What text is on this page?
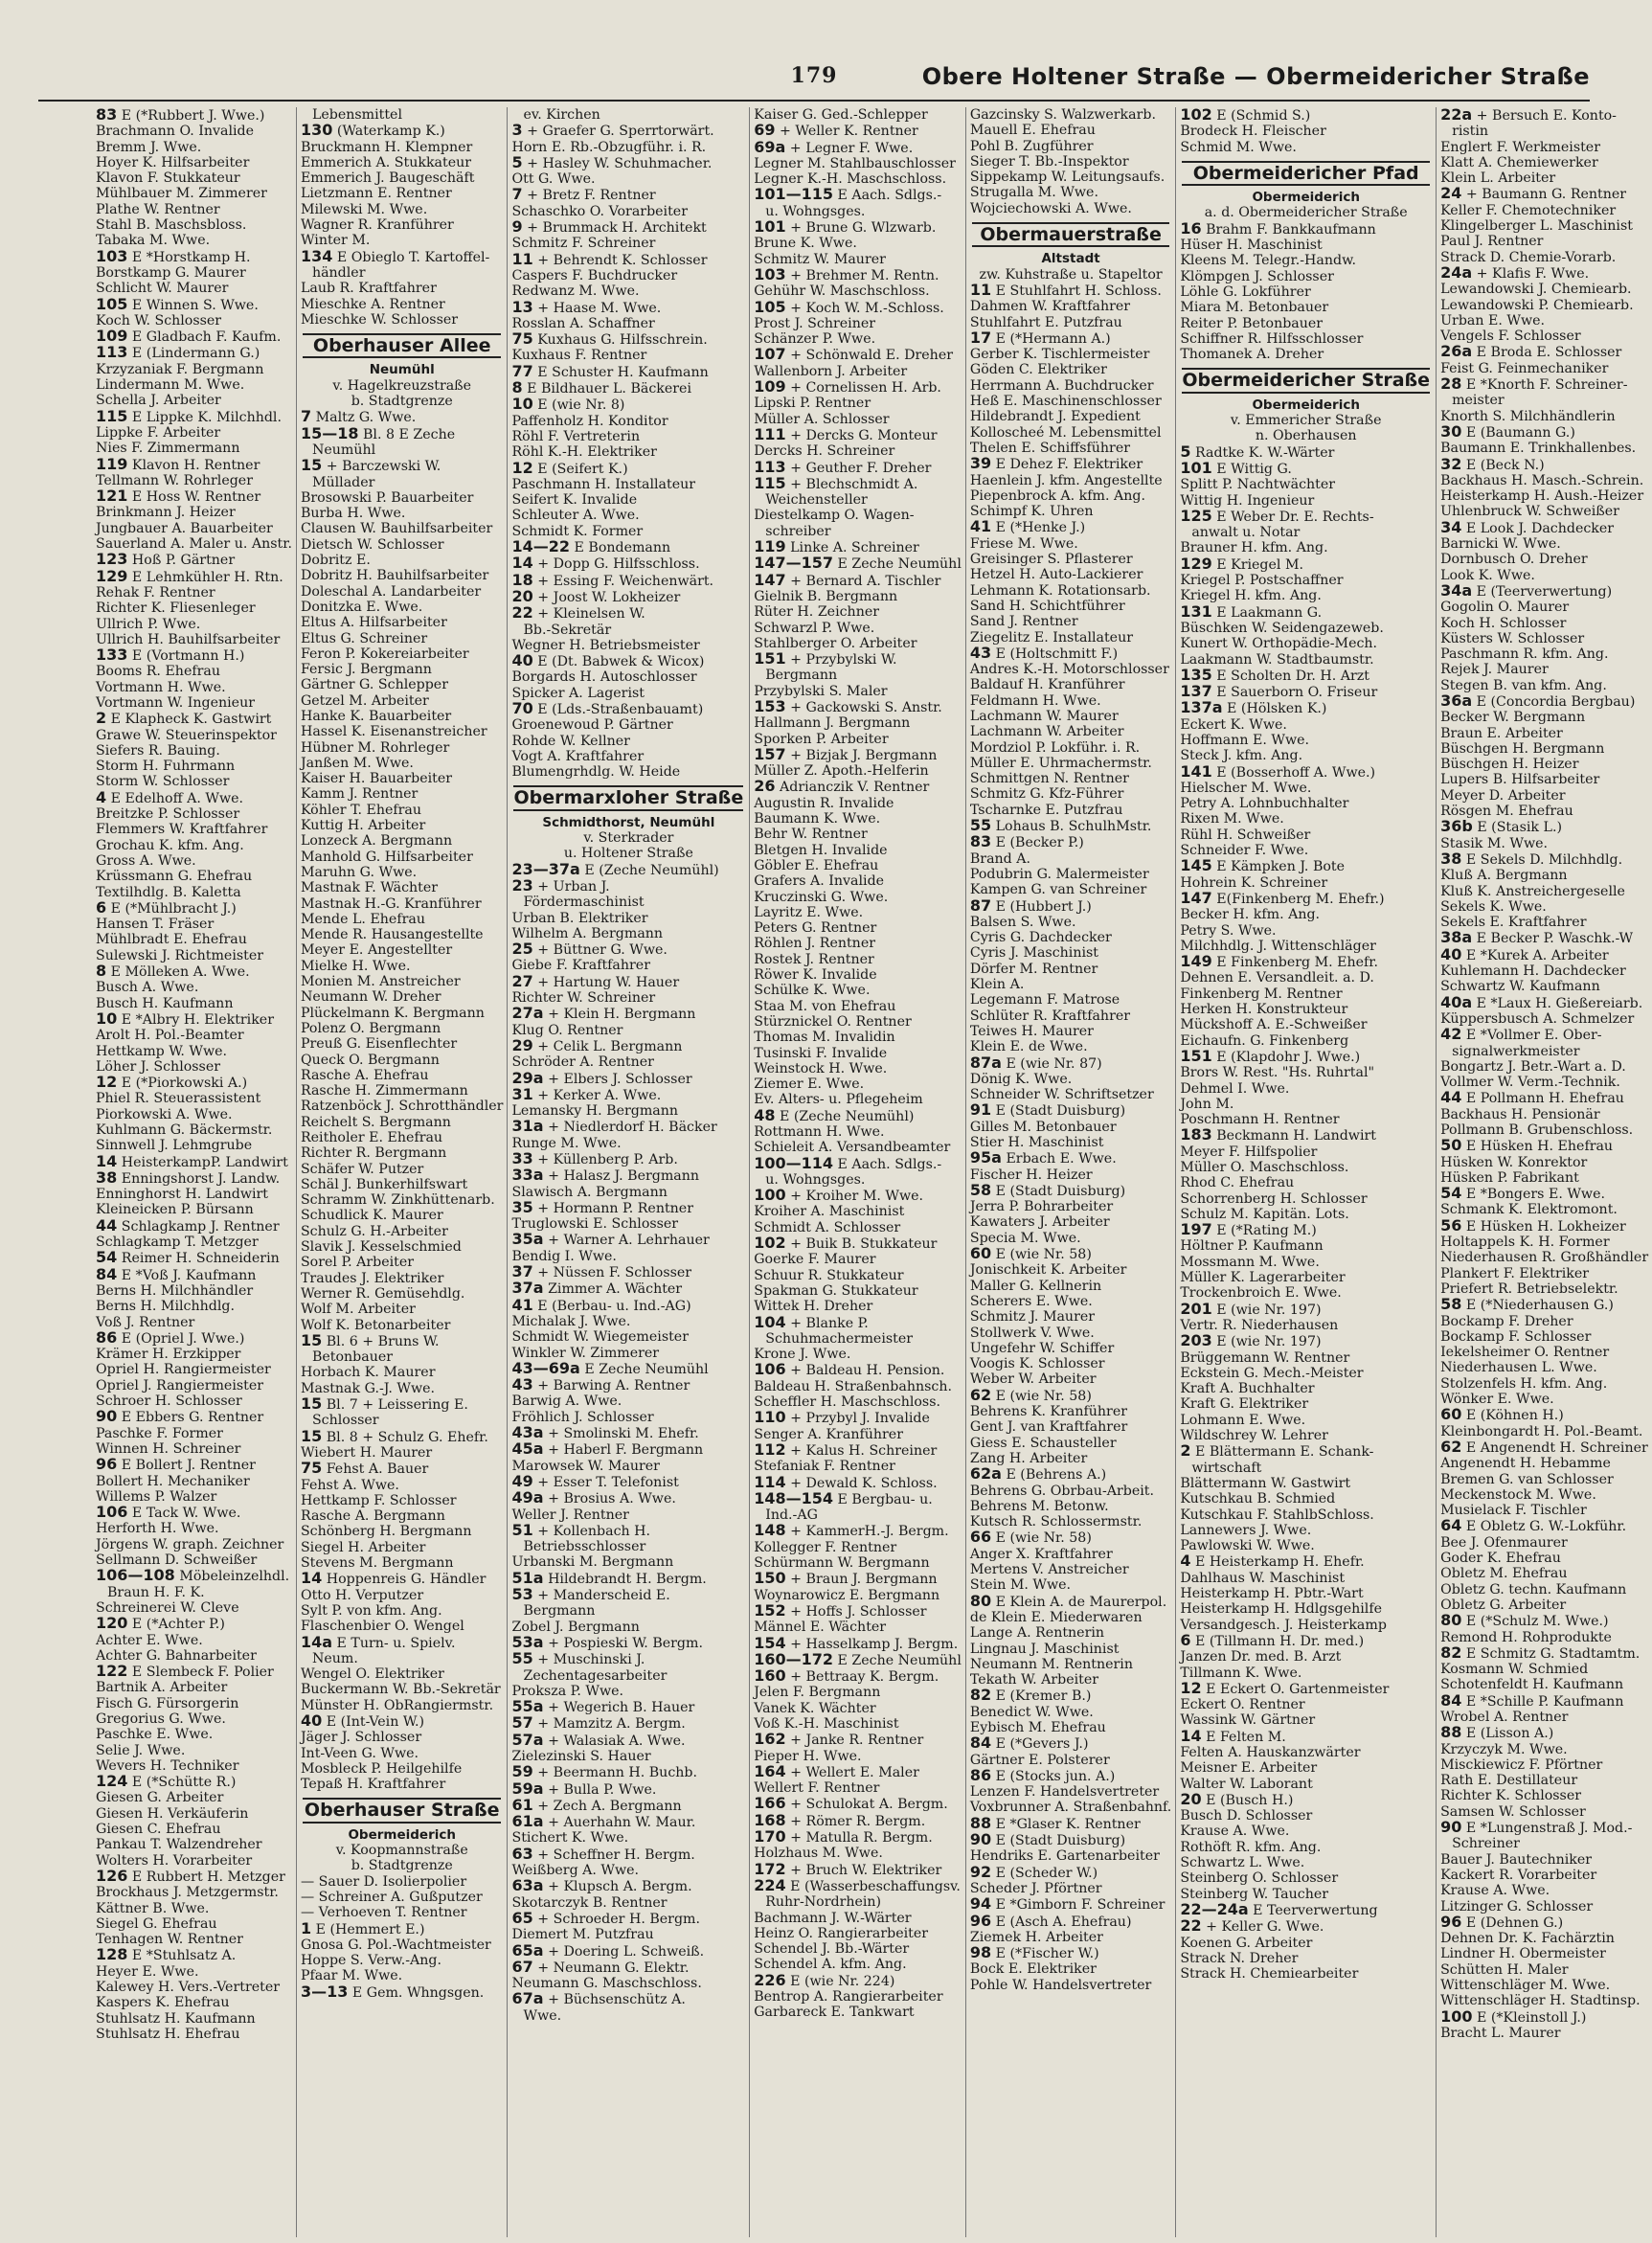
179	Obere Holtener Straße — Obermeidericher Straße
83 E (*Rubbert J. Wwe.)
Brachmann O. Invalide
Bremm J. Wwe.
Hoyer K. Hilfsarbeiter
Klavon F. Stukkateur
Mühlbauer M. Zimmerer
Plathe W. Rentner
Stahl B. Maschsbloss.
Tabaka M. Wwe.
103 E *Horstkamp H.
Borstkamp G. Maurer
Schlicht W. Maurer
105 E Winnen S. Wwe.
Koch W. Schlosser
109 E Gladbach F. Kaufm.
113 E (Lindermann G.)
Krzyzaniak F. Bergmann
Lindermann M. Wwe.
Schella J. Arbeiter
115 E Lippke K. Milchhdl.
Lippke F. Arbeiter
Nies F. Zimmermann
119 Klavon H. Rentner
Tellmann W. Rohrleger
121 E Hoss W. Rentner
Brinkmann J. Heizer
Jungbauer A. Bauarbeiter
Sauerland A. Maler u. Anstr.
123 Hoß P. Gärtner
129 E Lehmkühler H. Rtn.
Rehak F. Rentner
Richter K. Fliesenleger
Ullrich P. Wwe.
Ullrich H. Bauhilfsarbeiter
133 E (Vortmann H.)
Booms R. Ehefrau
Vortmann H. Wwe.
Vortmann W. Ingenieur
2 E Klapheck K. Gastwirt
Grawe W. Steuerinspektor
Siefers R. Bauing.
Storm H. Fuhrmann
Storm W. Schlosser
4 E Edelhoff A. Wwe.
Breitzke P. Schlosser
Flemmers W. Kraftfahrer
Grochau K. kfm. Ang.
Gross A. Wwe.
Krüssmann G. Ehefrau
Textilhdlg. B. Kaletta
6 E (*Mühlbracht J.)
Hansen T. Fräser
Mühlbradt E. Ehefrau
Sulewski J. Richtmeister
8 E Mölleken A. Wwe.
Busch A. Wwe.
Busch H. Kaufmann
10 E *Albry H. Elektriker
Arolt H. Pol.-Beamter
Hettkamp W. Wwe.
Löher J. Schlosser
12 E (*Piorkowski A.)
Phiel R. Steuerassistent
Piorkowski A. Wwe.
Kuhlmann G. Bäckermstr.
Sinnwell J. Lehmgrube
14 HeisterkampP. Landwirt
38 Enningshorst J. Landw.
Enninghorst H. Landwirt
Kleineicken P. Bürsann
44 Schlagkamp J. Rentner
Schlagkamp T. Metzger
54 Reimer H. Schneiderin
84 E *Voß J. Kaufmann
Berns H. Milchhändler
Berns H. Milchhdlg.
Voß J. Rentner
86 E (Opriel J. Wwe.)
Krämer H. Erzkipper
Opriel H. Rangiermeister
Opriel J. Rangiermeister
Schroer H. Schlosser
90 E Ebbers G. Rentner
Paschke F. Former
Winnen H. Schreiner
96 E Bollert J. Rentner
Bollert H. Mechaniker
Willems P. Walzer
106 E Tack W. Wwe.
Herforth H. Wwe.
Jörgens W. graph. Zeichner
Sellmann D. Schweißer
106—108 Möbeleinzelhdl.
Braun H. F. K.
Schreinerei W. Cleve
120 E (*Achter P.)
Achter E. Wwe.
Achter G. Bahnarbeiter
122 E Slembeck F. Polier
Bartnik A. Arbeiter
Fisch G. Fürsorgerin
Gregorius G. Wwe.
Paschke E. Wwe.
Selie J. Wwe.
Wevers H. Techniker
124 E (*Schütte R.)
Giesen G. Arbeiter
Giesen H. Verkäuferin
Giesen C. Ehefrau
Pankau T. Walzendreher
Wolters H. Vorarbeiter
126 E Rubbert H. Metzger
Brockhaus J. Metzgermstr.
Kättner B. Wwe.
Siegel G. Ehefrau
Tenhagen W. Rentner
128 E *Stuhlsatz A.
Heyer E. Wwe.
Kalewey H. Vers.-Vertreter
Kaspers K. Ehefrau
Stuhlsatz H. Kaufmann
Stuhlsatz H. Ehefrau
Lebensmittel
130 (Waterkamp K.)
Bruckmann H. Klempner
Emmerich A. Stukkateur
Emmerich J. Baugeschäft
Lietzmann E. Rentner
Milewski M. Wwe.
Wagner R. Kranführer
Winter M.
134 E Obieglo T. Kartoffel-
händler
Laub R. Kraftfahrer
Mieschke A. Rentner
Mieschke W. Schlosser
Oberhauser Allee
Neumühl
v. Hagelkreuzstraße
b. Stadtgrenze
7 Maltz G. Wwe.
15—18 Bl. 8 E Zeche
Neumühl
15 + Barczewski W.
Müllader
Brosowski P. Bauarbeiter
Burba H. Wwe.
Clausen W. Bauhilfsarbeiter
Dietsch W. Schlosser
Dobritz E.
Dobritz H. Bauhilfsarbeiter
Doleschal A. Landarbeiter
Donitzka E. Wwe.
Eltus A. Hilfsarbeiter
Eltus G. Schreiner
Feron P. Kokereiarbeiter
Fersic J. Bergmann
Gärtner G. Schlepper
Getzel M. Arbeiter
Hanke K. Bauarbeiter
Hassel K. Eisenanstreicher
Hübner M. Rohrleger
Janßen M. Wwe.
Kaiser H. Bauarbeiter
Kamm J. Rentner
Köhler T. Ehefrau
Kuttig H. Arbeiter
Lonzeck A. Bergmann
Manhold G. Hilfsarbeiter
Maruhn G. Wwe.
Mastnak F. Wächter
Mastnak H.-G. Kranführer
Mende L. Ehefrau
Mende R. Hausangestellte
Meyer E. Angestellter
Mielke H. Wwe.
Monien M. Anstreicher
Neumann W. Dreher
Plückelmann K. Bergmann
Polenz O. Bergmann
Preuß G. Eisenflechter
Queck O. Bergmann
Rasche A. Ehefrau
Rasche H. Zimmermann
Ratzenböck J. Schrotthändler
Reichelt S. Bergmann
Reitholer E. Ehefrau
Richter R. Bergmann
Schäfer W. Putzer
Schäl J. Bunkerhilfswart
Schramm W. Zinkhüttenarb.
Schudlick K. Maurer
Schulz G. H.-Arbeiter
Slavik J. Kesselschmied
Sorel P. Arbeiter
Traudes J. Elektriker
Werner R. Gemüsehdlg.
Wolf M. Arbeiter
Wolf K. Betonarbeiter
15 Bl. 6 + Bruns W.
Betonbauer
Horbach K. Maurer
Mastnak G.-J. Wwe.
15 Bl. 7 + Leissering E.
Schlosser
15 Bl. 8 + Schulz G. Ehefr.
Wiebert H. Maurer
75 Fehst A. Bauer
Fehst A. Wwe.
Hettkamp F. Schlosser
Rasche A. Bergmann
Schönberg H. Bergmann
Siegel H. Arbeiter
Stevens M. Bergmann
14 Hoppenreis G. Händler
Otto H. Verputzer
Sylt P. von kfm. Ang.
Flaschenbier O. Wengel
14a E Turn- u. Spielv.
Neum.
Wengel O. Elektriker
Buckermann W. Bb.-Sekretär
Münster H. ObRangiermstr.
40 E (Int-Vein W.)
Jäger J. Schlosser
Int-Veen G. Wwe.
Mosbleck P. Heilgehilfe
Tepaß H. Kraftfahrer
Oberhauser Straße
Obermeiderich
v. Koopmannstraße
b. Stadtgrenze
— Sauer D. Isolierpolier
— Schreiner A. Gußputzer
— Verhoeven T. Rentner
1 E (Hemmert E.)
Gnosa G. Pol.-Wachtmeister
Hoppe S. Verw.-Ang.
Pfaar M. Wwe.
3—13 E Gem. Whngsgen.
ev. Kirchen
3 + Graefer G. Sperrtorwärt.
Horn E. Rb.-Obzugführ. i. R.
5 + Hasley W. Schuhmacher.
Ott G. Wwe.
7 + Bretz F. Rentner
Schaschko O. Vorarbeiter
9 + Brummack H. Architekt
Schmitz F. Schreiner
11 + Behrendt K. Schlosser
Caspers F. Buchdrucker
Redwanz M. Wwe.
13 + Haase M. Wwe.
Rosslan A. Schaffner
75 Kuxhaus G. Hilfsschrein.
Kuxhaus F. Rentner
77 E Schuster H. Kaufmann
8 E Bildhauer L. Bäckerei
10 E (wie Nr. 8)
Paffenholz H. Konditor
Röhl F. Vertreterin
Röhl K.-H. Elektriker
12 E (Seifert K.)
Paschmann H. Installateur
Seifert K. Invalide
Schleuter A. Wwe.
Schmidt K. Former
14—22 E Bondemann
14 + Dopp G. Hilfsschloss.
18 + Essing F. Weichenwärt.
20 + Joost W. Lokheizer
22 + Kleinelsen W.
Bb.-Sekretär
Wegner H. Betriebsmeister
40 E (Dt. Babwek & Wicox)
Borgards H. Autoschlosser
Spicker A. Lagerist
70 E (Lds.-Straßenbauamt)
Groenewoud P. Gärtner
Rohde W. Kellner
Vogt A. Kraftfahrer
Blumengrhdlg. W. Heide
Obermarxloher Straße
Schmidthorst, Neumühl
v. Sterkrader
u. Holtener Straße
23—37a E (Zeche Neumühl)
23 + Urban J.
Fördermaschinist
Urban B. Elektriker
Wilhelm A. Bergmann
25 + Büttner G. Wwe.
Giebe F. Kraftfahrer
27 + Hartung W. Hauer
Richter W. Schreiner
27a + Klein H. Bergmann
Klug O. Rentner
29 + Celik L. Bergmann
Schröder A. Rentner
29a + Elbers J. Schlosser
31 + Kerker A. Wwe.
Lemansky H. Bergmann
31a + Niedlerdorf H. Bäcker
Runge M. Wwe.
33 + Küllenberg P. Arb.
33a + Halasz J. Bergmann
Slawisch A. Bergmann
35 + Hormann P. Rentner
Truglowski E. Schlosser
35a + Warner A. Lehrhauer
Bendig I. Wwe.
37 + Nüssen F. Schlosser
37a Zimmer A. Wächter
41 E (Berbau- u. Ind.-AG)
Michalak J. Wwe.
Schmidt W. Wiegemeister
Winkler W. Zimmerer
43—69a E Zeche Neumühl
43 + Barwing A. Rentner
Barwig A. Wwe.
Fröhlich J. Schlosser
43a + Smolinski M. Ehefr.
45a + Haberl F. Bergmann
Marowsek W. Maurer
49 + Esser T. Telefonist
49a + Brosius A. Wwe.
Weller J. Rentner
51 + Kollenbach H.
Betriebsschlosser
Urbanski M. Bergmann
51a Hildebrandt H. Bergm.
53 + Manderscheid E.
Bergmann
Zobel J. Bergmann
53a + Pospieski W. Bergm.
55 + Muschinski J.
Zechentagesarbeiter
Proksza P. Wwe.
55a + Wegerich B. Hauer
57 + Mamzitz A. Bergm.
57a + Walasiak A. Wwe.
Zielezinski S. Hauer
59 + Beermann H. Buchb.
59a + Bulla P. Wwe.
61 + Zech A. Bergmann
61a + Auerhahn W. Maur.
Stichert K. Wwe.
63 + Scheffner H. Bergm.
Weißberg A. Wwe.
63a + Klupsch A. Bergm.
Skotarczyk B. Rentner
65 + Schroeder H. Bergm.
Diemert M. Putzfrau
65a + Doering L. Schweiß.
67 + Neumann G. Elektr.
Neumann G. Maschschloss.
67a + Büchsenschütz A.
Wwe.
Kaiser G. Ged.-Schlepper
69 + Weller K. Rentner
69a + Legner F. Wwe.
Legner M. Stahlbauschlosser
Legner K.-H. Maschschloss.
101—115 E Aach. Sdlgs.-
u. Wohngsges.
101 + Brune G. Wlzwarb.
Brune K. Wwe.
Schmitz W. Maurer
103 + Brehmer M. Rentn.
Gehühr W. Maschschloss.
105 + Koch W. M.-Schloss.
Prost J. Schreiner
Schänzer P. Wwe.
107 + Schönwald E. Dreher
Wallenborn J. Arbeiter
109 + Cornelissen H. Arb.
Lipski P. Rentner
Müller A. Schlosser
111 + Dercks G. Monteur
Dercks H. Schreiner
113 + Geuther F. Dreher
115 + Blechschmidt A.
Weichensteller
Diestelkamp O. Wagen-
schreiber
119 Linke A. Schreiner
147—157 E Zeche Neumühl
147 + Bernard A. Tischler
Gielnik B. Bergmann
Rüter H. Zeichner
Schwarzl P. Wwe.
Stahlberger O. Arbeiter
151 + Przybylski W.
Bergmann
Przybylski S. Maler
153 + Gackowski S. Anstr.
Hallmann J. Bergmann
Sporken P. Arbeiter
157 + Bizjak J. Bergmann
Müller Z. Apoth.-Helferin
26 Adrianczik V. Rentner
Augustin R. Invalide
Baumann K. Wwe.
Behr W. Rentner
Bletgen H. Invalide
Göbler E. Ehefrau
Grafers A. Invalide
Kruczinski G. Wwe.
Layritz E. Wwe.
Peters G. Rentner
Röhlen J. Rentner
Rostek J. Rentner
Röwer K. Invalide
Schülke K. Wwe.
Staa M. von Ehefrau
Stürznickel O. Rentner
Thomas M. Invalidin
Tusinski F. Invalide
Weinstock H. Wwe.
Ziemer E. Wwe.
Ev. Alters- u. Pflegeheim
48 E (Zeche Neumühl)
Rottmann H. Wwe.
Schieleit A. Versandbeamter
100—114 E Aach. Sdlgs.-
u. Wohngsges.
100 + Kroiher M. Wwe.
Kroiher A. Maschinist
Schmidt A. Schlosser
102 + Buik B. Stukkateur
Goerke F. Maurer
Schuur R. Stukkateur
Spakman G. Stukkateur
Wittek H. Dreher
104 + Blanke P.
Schuhmachermeister
Krone J. Wwe.
106 + Baldeau H. Pension.
Baldeau H. Straßenbahnsch.
Scheffler H. Maschschloss.
110 + Przybyl J. Invalide
Senger A. Kranführer
112 + Kalus H. Schreiner
Stefaniak F. Rentner
114 + Dewald K. Schloss.
148—154 E Bergbau- u.
Ind.-AG
148 + KammerH.-J. Bergm.
Kollegger F. Rentner
Schürmann W. Bergmann
150 + Braun J. Bergmann
Woynarowicz E. Bergmann
152 + Hoffs J. Schlosser
Männel E. Wächter
154 + Hasselkamp J. Bergm.
160—172 E Zeche Neumühl
160 + Bettraay K. Bergm.
Jelen F. Bergmann
Vanek K. Wächter
Voß K.-H. Maschinist
162 + Janke R. Rentner
Pieper H. Wwe.
164 + Wellert E. Maler
Wellert F. Rentner
166 + Schulokat A. Bergm.
168 + Römer R. Bergm.
170 + Matulla R. Bergm.
Holzhaus M. Wwe.
172 + Bruch W. Elektriker
224 E (Wasserbeschaffungsv.
Ruhr-Nordrhein)
Bachmann J. W.-Wärter
Heinz O. Rangierarbeiter
Schendel J. Bb.-Wärter
Schendel A. kfm. Ang.
226 E (wie Nr. 224)
Bentrop A. Rangierarbeiter
Garbareck E. Tankwart
Gazcinsky S. Walzwerkarb.
Mauell E. Ehefrau
Pohl B. Zugführer
Sieger T. Bb.-Inspektor
Sippekamp W. Leitungsaufs.
Strugalla M. Wwe.
Wojciechowski A. Wwe.
Obermauerstraße
Altstadt
zw. Kuhstraße u. Stapeltor
11 E Stuhlfahrt H. Schloss.
Dahmen W. Kraftfahrer
Stuhlfahrt E. Putzfrau
17 E (*Hermann A.)
Gerber K. Tischlermeister
Göden C. Elektriker
Herrmann A. Buchdrucker
Heß E. Maschinenschlosser
Hildebrandt J. Expedient
Kolloscheé M. Lebensmittel
Thelen E. Schiffsführer
39 E Dehez F. Elektriker
Haenlein J. kfm. Angestellte
Piepenbrock A. kfm. Ang.
Schimpf K. Uhren
41 E (*Henke J.)
Friese M. Wwe.
Greisinger S. Pflasterer
Hetzel H. Auto-Lackierer
Lehmann K. Rotationsarb.
Sand H. Schichtführer
Sand J. Rentner
Ziegelitz E. Installateur
43 E (Holtschmitt F.)
Andres K.-H. Motorschlosser
Baldauf H. Kranführer
Feldmann H. Wwe.
Lachmann W. Maurer
Lachmann W. Arbeiter
Mordziol P. Lokführ. i. R.
Müller E. Uhrmachermstr.
Schmittgen N. Rentner
Schmitz G. Kfz-Führer
Tscharnke E. Putzfrau
55 Lohaus B. SchulhMstr.
83 E (Becker P.)
Brand A.
Podubrin G. Malermeister
Kampen G. van Schreiner
87 E (Hubbert J.)
Balsen S. Wwe.
Cyris G. Dachdecker
Cyris J. Maschinist
Dörfer M. Rentner
Klein A.
Legemann F. Matrose
Schlüter R. Kraftfahrer
Teiwes H. Maurer
Klein E. de Wwe.
87a E (wie Nr. 87)
Dönig K. Wwe.
Schneider W. Schriftsetzer
91 E (Stadt Duisburg)
Gilles M. Betonbauer
Stier H. Maschinist
95a Erbach E. Wwe.
Fischer H. Heizer
58 E (Stadt Duisburg)
Jerra P. Bohrarbeiter
Kawaters J. Arbeiter
Specia M. Wwe.
60 E (wie Nr. 58)
Jonischkeit K. Arbeiter
Maller G. Kellnerin
Scherers E. Wwe.
Schmitz J. Maurer
Stollwerk V. Wwe.
Ungefehr W. Schiffer
Voogis K. Schlosser
Weber W. Arbeiter
62 E (wie Nr. 58)
Behrens K. Kranführer
Gent J. van Kraftfahrer
Giess E. Schausteller
Zang H. Arbeiter
62a E (Behrens A.)
Behrens G. Obrbau-Arbeit.
Behrens M. Betonw.
Kutsch R. Schlossermstr.
66 E (wie Nr. 58)
Anger X. Kraftfahrer
Mertens V. Anstreicher
Stein M. Wwe.
80 E Klein A. de Maurerpol.
de Klein E. Miederwaren
Lange A. Rentnerin
Lingnau J. Maschinist
Neumann M. Rentnerin
Tekath W. Arbeiter
82 E (Kremer B.)
Benedict W. Wwe.
Eybisch M. Ehefrau
84 E (*Gevers J.)
Gärtner E. Polsterer
86 E (Stocks jun. A.)
Lenzen F. Handelsvertreter
Voxbrunner A. Straßenbahnf.
88 E *Glaser K. Rentner
90 E (Stadt Duisburg)
Hendriks E. Gartenarbeiter
92 E (Scheder W.)
Scheder J. Pförtner
94 E *Gimborn F. Schreiner
96 E (Asch A. Ehefrau)
Ziemek H. Arbeiter
98 E (*Fischer W.)
Bock E. Elektriker
Pohle W. Handelsvertreter
102 E (Schmid S.)
Brodeck H. Fleischer
Schmid M. Wwe.
Obermeidericher Pfad
Obermeiderich
a. d. Obermeidericher Straße
16 Brahm F. Bankkaufmann
Hüser H. Maschinist
Kleens M. Telegr.-Handw.
Klömpgen J. Schlosser
Löhle G. Lokführer
Miara M. Betonbauer
Reiter P. Betonbauer
Schiffner R. Hilfsschlosser
Thomanek A. Dreher
Obermeidericher Straße
Obermeiderich
v. Emmericher Straße
n. Oberhausen
5 Radtke K. W.-Wärter
101 E Wittig G.
Splitt P. Nachtwächter
Wittig H. Ingenieur
125 E Weber Dr. E. Rechts-
anwalt u. Notar
Brauner H. kfm. Ang.
129 E Kriegel M.
Kriegel P. Postschaffner
Kriegel H. kfm. Ang.
131 E Laakmann G.
Büschken W. Seidengazeweb.
Kunert W. Orthopädie-Mech.
Laakmann W. Stadtbaumstr.
135 E Scholten Dr. H. Arzt
137 E Sauerborn O. Friseur
137a E (Hölsken K.)
Eckert K. Wwe.
Hoffmann E. Wwe.
Steck J. kfm. Ang.
141 E (Bosserhoff A. Wwe.)
Hielscher M. Wwe.
Petry A. Lohnbuchhalter
Rixen M. Wwe.
Rühl H. Schweißer
Schneider F. Wwe.
145 E Kämpken J. Bote
Hohrein K. Schreiner
147 E(Finkenberg M. Ehefr.)
Becker H. kfm. Ang.
Petry S. Wwe.
Milchhdlg. J. Wittenschläger
149 E Finkenberg M. Ehefr.
Dehnen E. Versandleit. a. D.
Finkenberg M. Rentner
Herken H. Konstrukteur
Mückshoff A. E.-Schweißer
Eichaufn. G. Finkenberg
151 E (Klapdohr J. Wwe.)
Brors W. Rest. "Hs. Ruhrtal"
Dehmel I. Wwe.
John M.
Poschmann H. Rentner
183 Beckmann H. Landwirt
Meyer F. Hilfspolier
Müller O. Maschschloss.
Rhod C. Ehefrau
Schorrenberg H. Schlosser
Schulz M. Kapitän. Lots.
197 E (*Rating M.)
Höltner P. Kaufmann
Mossmann M. Wwe.
Müller K. Lagerarbeiter
Trockenbroich E. Wwe.
201 E (wie Nr. 197)
Vertr. R. Niederhausen
203 E (wie Nr. 197)
Brüggemann W. Rentner
Eckstein G. Mech.-Meister
Kraft A. Buchhalter
Kraft G. Elektriker
Lohmann E. Wwe.
Wildschrey W. Lehrer
2 E Blättermann E. Schank-
wirtschaft
Blättermann W. Gastwirt
Kutschkau B. Schmied
Kutschkau F. StahlbSchloss.
Lannewers J. Wwe.
Pawlowski W. Wwe.
4 E Heisterkamp H. Ehefr.
Dahlhaus W. Maschinist
Heisterkamp H. Pbtr.-Wart
Heisterkamp H. Hdlgsgehilfe
Versandgesch. J. Heisterkamp
6 E (Tillmann H. Dr. med.)
Janzen Dr. med. B. Arzt
Tillmann K. Wwe.
12 E Eckert O. Gartenmeister
Eckert O. Rentner
Wassink W. Gärtner
14 E Felten M.
Felten A. Hauskanzwärter
Meisner E. Arbeiter
Walter W. Laborant
20 E (Busch H.)
Busch D. Schlosser
Krause A. Wwe.
Rothöft R. kfm. Ang.
Schwartz L. Wwe.
Steinberg O. Schlosser
Steinberg W. Taucher
22—24a E Teerverwertung
22 + Keller G. Wwe.
Koenen G. Arbeiter
Strack N. Dreher
Strack H. Chemiearbeiter
22a + Bersuch E. Konto-
ristin
Englert F. Werkmeister
Klatt A. Chemiewerker
Klein L. Arbeiter
24 + Baumann G. Rentner
Keller F. Chemotechniker
Klingelberger L. Maschinist
Paul J. Rentner
Strack D. Chemie-Vorarb.
24a + Klafis F. Wwe.
Lewandowski J. Chemiearb.
Lewandowski P. Chemiearb.
Urban E. Wwe.
Vengels F. Schlosser
26a E Broda E. Schlosser
Feist G. Feinmechaniker
28 E *Knorth F. Schreiner-
meister
Knorth S. Milchhändlerin
30 E (Baumann G.)
Baumann E. Trinkhallenbes.
32 E (Beck N.)
Backhaus H. Masch.-Schrein.
Heisterkamp H. Aush.-Heizer
Uhlenbruck W. Schweißer
34 E Look J. Dachdecker
Barnicki W. Wwe.
Dornbusch O. Dreher
Look K. Wwe.
34a E (Teerverwertung)
Gogolin O. Maurer
Koch H. Schlosser
Küsters W. Schlosser
Paschmann R. kfm. Ang.
Rejek J. Maurer
Stegen B. van kfm. Ang.
36a E (Concordia Bergbau)
Becker W. Bergmann
Braun E. Arbeiter
Büschgen H. Bergmann
Büschgen H. Heizer
Lupers B. Hilfsarbeiter
Meyer D. Arbeiter
Rösgen M. Ehefrau
36b E (Stasik L.)
Stasik M. Wwe.
38 E Sekels D. Milchhdlg.
Kluß A. Bergmann
Kluß K. Anstreichergeselle
Sekels K. Wwe.
Sekels E. Kraftfahrer
38a E Becker P. Waschk.-W
40 E *Kurek A. Arbeiter
Kuhlemann H. Dachdecker
Schwartz W. Kaufmann
40a E *Laux H. Gießereiarb.
Küppersbusch A. Schmelzer
42 E *Vollmer E. Ober-
signalwerkmeister
Bongartz J. Betr.-Wart a. D.
Vollmer W. Verm.-Technik.
44 E Pollmann H. Ehefrau
Backhaus H. Pensionär
Pollmann B. Grubenschloss.
50 E Hüsken H. Ehefrau
Hüsken W. Konrektor
Hüsken P. Fabrikant
54 E *Bongers E. Wwe.
Schmank K. Elektromont.
56 E Hüsken H. Lokheizer
Holtappels K. H. Former
Niederhausen R. Großhändler
Plankert F. Elektriker
Priefert R. Betriebselektr.
58 E (*Niederhausen G.)
Bockamp F. Dreher
Bockamp F. Schlosser
Iekelsheimer O. Rentner
Niederhausen L. Wwe.
Stolzenfels H. kfm. Ang.
Wönker E. Wwe.
60 E (Köhnen H.)
Kleinbongardt H. Pol.-Beamt.
62 E Angenendt H. Schreiner
Angenendt H. Hebamme
Bremen G. van Schlosser
Meckenstock M. Wwe.
Musielack F. Tischler
64 E Obletz G. W.-Lokführ.
Bee J. Ofenmaurer
Goder K. Ehefrau
Obletz M. Ehefrau
Obletz G. techn. Kaufmann
Obletz G. Arbeiter
80 E (*Schulz M. Wwe.)
Remond H. Rohprodukte
82 E Schmitz G. Stadtamtm.
Kosmann W. Schmied
Schotenfeldt H. Kaufmann
84 E *Schille P. Kaufmann
Wrobel A. Rentner
88 E (Lisson A.)
Krzyczyk M. Wwe.
Misckiewicz F. Pförtner
Rath E. Destillateur
Richter K. Schlosser
Samsen W. Schlosser
90 E *Lungenstraß J. Mod.-
Schreiner
Bauer J. Bautechniker
Kackert R. Vorarbeiter
Krause A. Wwe.
Litzinger G. Schlosser
96 E (Dehnen G.)
Dehnen Dr. K. Fachärztin
Lindner H. Obermeister
Schütten H. Maler
Wittenschläger M. Wwe.
Wittenschläger H. Stadtinsp.
100 E (*Kleinstoll J.)
Bracht L. Maurer
